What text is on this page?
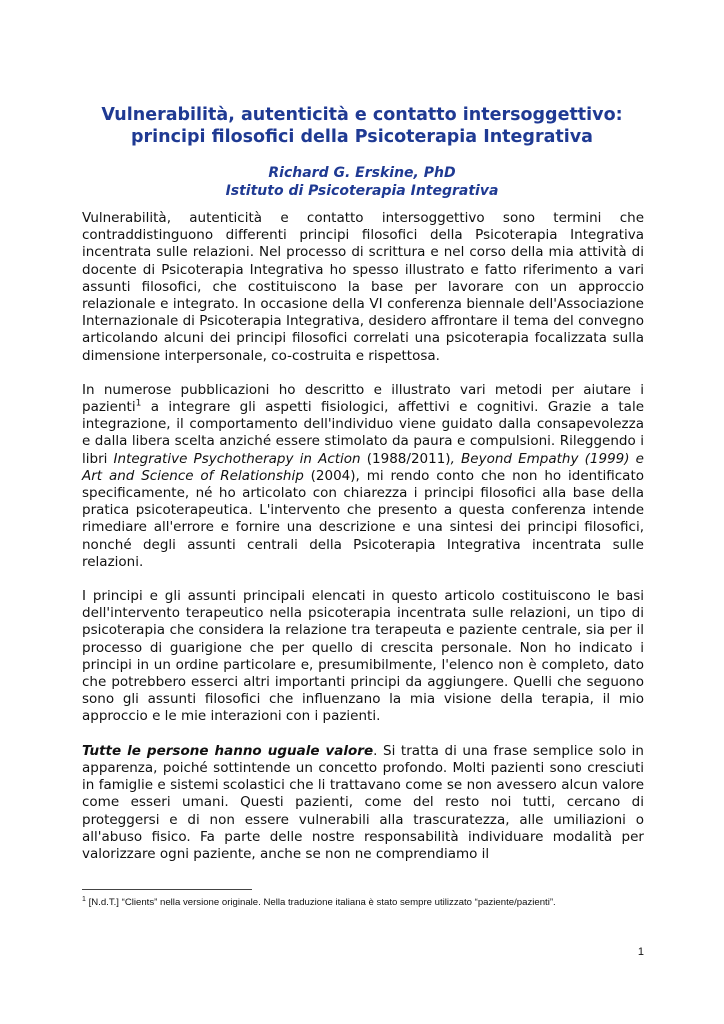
Vulnerabilità, autenticità e contatto intersoggettivo:
principi filosofici della Psicoterapia Integrativa
Richard G. Erskine, PhD
Istituto di Psicoterapia Integrativa

Vulnerabilità, autenticità e contatto intersoggettivo sono termini che contraddistinguono differenti principi filosofici della Psicoterapia Integrativa incentrata sulle relazioni. Nel processo di scrittura e nel corso della mia attività di docente di Psicoterapia Integrativa ho spesso illustrato e fatto riferimento a vari assunti filosofici, che costituiscono la base per lavorare con un approccio relazionale e integrato. In occasione della VI conferenza biennale dell'Associazione Internazionale di Psicoterapia Integrativa, desidero affrontare il tema del convegno articolando alcuni dei principi filosofici correlati una psicoterapia focalizzata sulla dimensione interpersonale, co-costruita e rispettosa.

In numerose pubblicazioni ho descritto e illustrato vari metodi per aiutare i pazienti$^1$ a integrare gli aspetti fisiologici, affettivi e cognitivi. Grazie a tale integrazione, il comportamento dell'individuo viene guidato dalla consapevolezza e dalla libera scelta anziché essere stimolato da paura e compulsioni. Rileggendo i libri Integrative Psychotherapy in Action (1988/2011), Beyond Empathy (1999) e Art and Science of Relationship (2004), mi rendo conto che non ho identificato specificamente, né ho articolato con chiarezza i principi filosofici alla base della pratica psicoterapeutica. L'intervento che presento a questa conferenza intende rimediare all'errore e fornire una descrizione e una sintesi dei principi filosofici, nonché degli assunti centrali della Psicoterapia Integrativa incentrata sulle relazioni.

I principi e gli assunti principali elencati in questo articolo costituiscono le basi dell'intervento terapeutico nella psicoterapia incentrata sulle relazioni, un tipo di psicoterapia che considera la relazione tra terapeuta e paziente centrale, sia per il processo di guarigione che per quello di crescita personale. Non ho indicato i principi in un ordine particolare e, presumibilmente, l'elenco non è completo, dato che potrebbero esserci altri importanti principi da aggiungere. Quelli che seguono sono gli assunti filosofici che influenzano la mia visione della terapia, il mio approccio e le mie interazioni con i pazienti.

Tutte le persone hanno uguale valore. Si tratta di una frase semplice solo in apparenza, poiché sottintende un concetto profondo. Molti pazienti sono cresciuti in famiglie e sistemi scolastici che li trattavano come se non avessero alcun valore come esseri umani. Questi pazienti, come del resto noi tutti, cercano di proteggersi e di non essere vulnerabili alla trascuratezza, alle umiliazioni o all'abuso fisico. Fa parte delle nostre responsabilità individuare modalità per valorizzare ogni paziente, anche se non ne comprendiamo il

$^1$ [N.d.T.] “Clients” nella versione originale. Nella traduzione italiana è stato sempre utilizzato “paziente/pazienti”.
1
